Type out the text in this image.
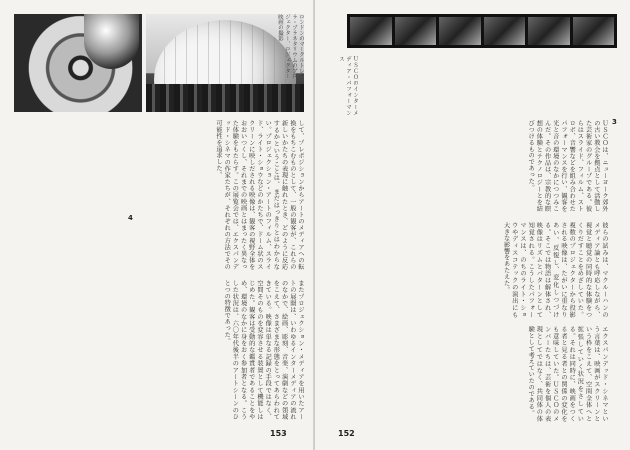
ロンドンのマークルトレクラ・ブラネタリウムのプロジェクター、ロジェクター映画の撮影
して、プレポジションからアートのメディアへの転換をもちこむものとして、一般の観客が、これらの新しいかたちの表現に触れたとき、どのように反応するかということは、まだはっきりとはわからない。プロジェクション・アートのフィルム、スライド、ライト・ショウなどのかたちで、ドーム状のスクリーンに映しだされる映像は、観客の視野全体をおおいつくし、それまでの映画とはまったく異なった体験をもたらす。この展覧会では、エクスパンデッド・シネマの作家たちが、それぞれの方法でその可能性を追求した。
4
またプロジェクション・メディアを用いたアートの展開は、いわゆるインターメディアの流れのなかで、絵画、彫刻、音楽、演劇などの領域をこえて、さまざまな形態をとってあらわれてきている。映像は単なる記録の手段ではなく、空間そのものを変容させる装置として機能しはじめた。観客は受動的な鑑賞者であることをやめ、環境のなかに身をおく参加者となる。こうした状況は、六〇年代後半のアートシーンのひとつの特徴であった。
153
ＵＳＣＯのインターメディア・パフォーマンス
3
ＵＳＣＯは、ニューヨーク郊外の古い教会を拠点として活動した芸術家のグループである。彼らはスライド、フィルム、ストロボ、音響などを組み合わせたパフォーマンスを行い、観客を光と音の環境のなかにつつみこんだ。その作品は、宗教的な瞑想の体験とテクノロジーとを結びつけるものであった。
彼らの試みは、マクルーハンのメディア論とも呼応しながら、視覚と聴覚の同時的な体験をつくりだすことをめざしていた。複数のプロジェクターから投影される映像は、たがいに重なりあい、反復し、変化しつづける。そこでは物語は解体され、映像はリズムとパターンとして知覚される。こうしたパフォーマンスは、のちのライト・ショウやディスコテックの演出にも大きな影響をあたえた。
エクスパンデッド・シネマという言葉は、映画がスクリーンという枠をこえて、空間全体へと拡張していく状況をさしている。それは同時に、映画をつくる者と見る者との関係の変化をも意味していた。ＵＳＣＯのメンバーたちは、芸術を個人の表現としてではなく、共同体の体験として考えていたのである。
152
